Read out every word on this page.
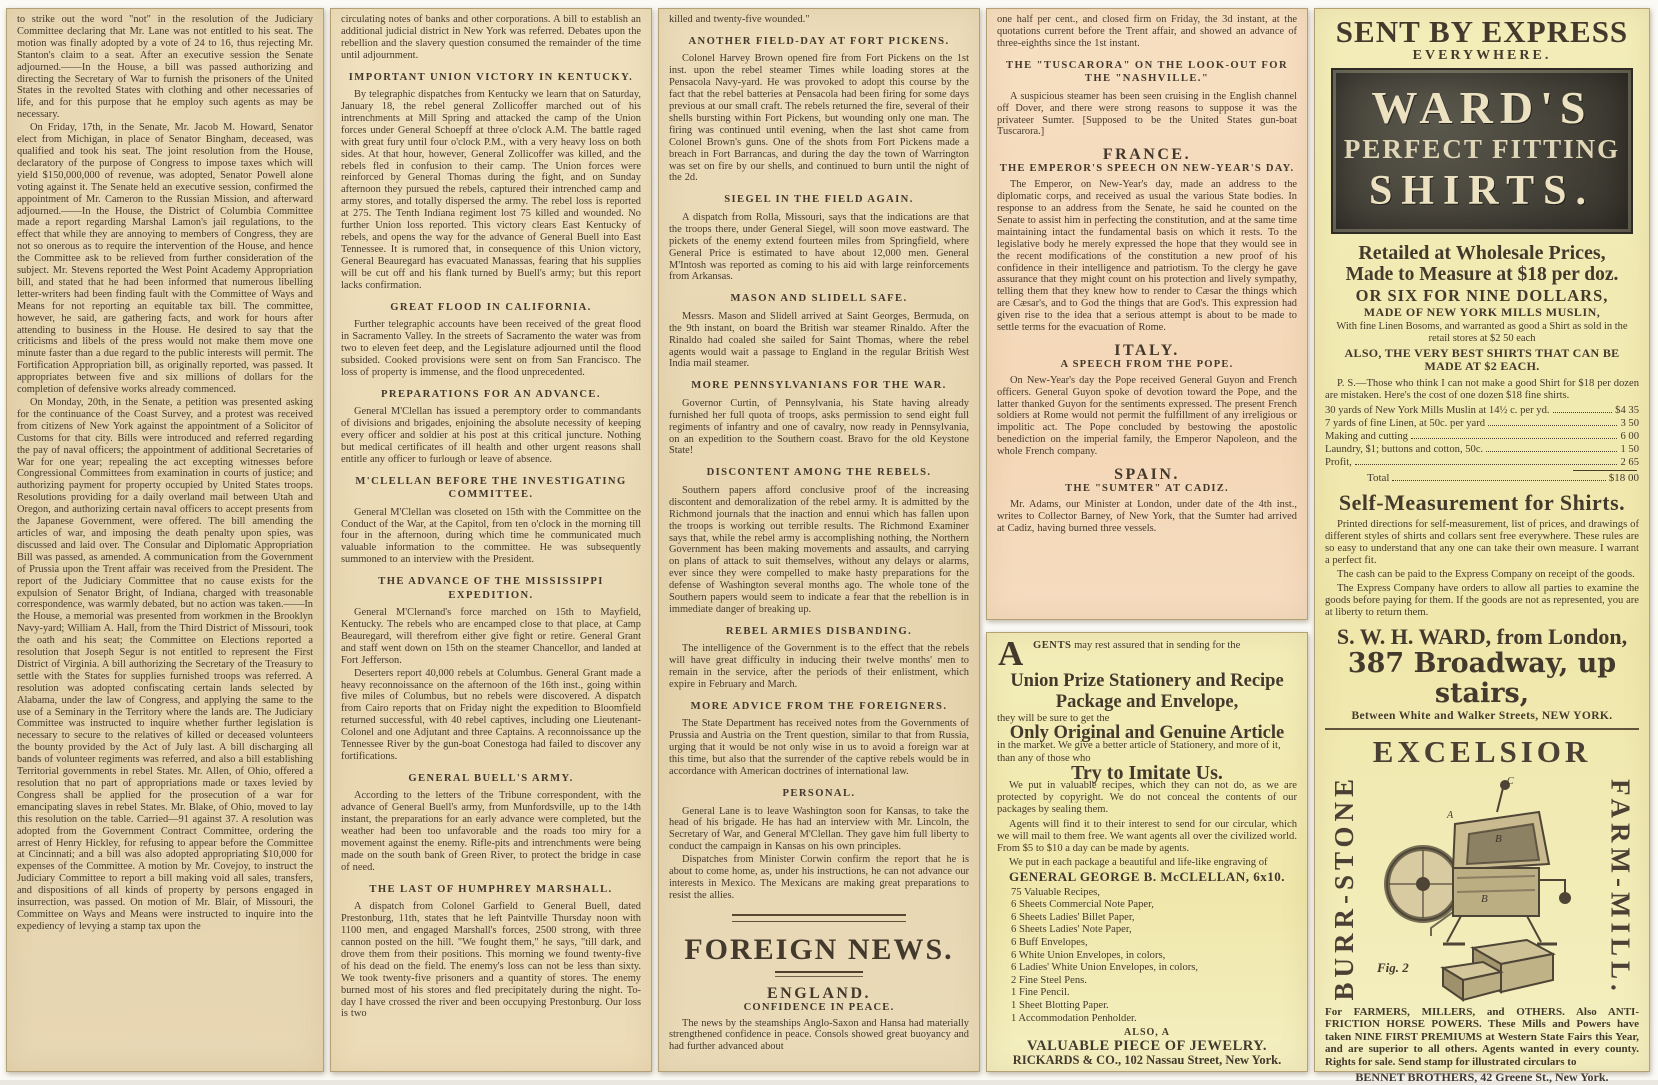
to strike out the word "not" in the resolution of the Judiciary Committee declaring that Mr. Lane was not entitled to his seat. The motion was finally adopted by a vote of 24 to 16, thus rejecting Mr. Stanton's claim to a seat. After an executive session the Senate adjourned.——In the House, a bill was passed authorizing and directing the Secretary of War to furnish the prisoners of the United States in the revolted States with clothing and other necessaries of life, and for this purpose that he employ such agents as may be necessary.

On Friday, 17th, in the Senate, Mr. Jacob M. Howard, Senator elect from Michigan, in place of Senator Bingham, deceased, was qualified and took his seat. The joint resolution from the House, declaratory of the purpose of Congress to impose taxes which will yield $150,000,000 of revenue, was adopted, Senator Powell alone voting against it. The Senate held an executive session, confirmed the appointment of Mr. Cameron to the Russian Mission, and afterward adjourned.——In the House, the District of Columbia Committee made a report regarding Marshal Lamon's jail regulations, to the effect that while they are annoying to members of Congress, they are not so onerous as to require the intervention of the House, and hence the Committee ask to be relieved from further consideration of the subject. Mr. Stevens reported the West Point Academy Appropriation bill, and stated that he had been informed that numerous libelling letter-writers had been finding fault with the Committee of Ways and Means for not reporting an equitable tax bill. The committee, however, he said, are gathering facts, and work for hours after attending to business in the House. He desired to say that the criticisms and libels of the press would not make them move one minute faster than a due regard to the public interests will permit. The Fortification Appropriation bill, as originally reported, was passed. It appropriates between five and six millions of dollars for the completion of defensive works already commenced.

On Monday, 20th, in the Senate, a petition was presented asking for the continuance of the Coast Survey, and a protest was received from citizens of New York against the appointment of a Solicitor of Customs for that city. Bills were introduced and referred regarding the pay of naval officers; the appointment of additional Secretaries of War for one year; repealing the act excepting witnesses before Congressional Committees from examination in courts of justice; and authorizing payment for property occupied by United States troops. Resolutions providing for a daily overland mail between Utah and Oregon, and authorizing certain naval officers to accept presents from the Japanese Government, were offered. The bill amending the articles of war, and imposing the death penalty upon spies, was discussed and laid over. The Consular and Diplomatic Appropriation Bill was passed, as amended. A communication from the Government of Prussia upon the Trent affair was received from the President. The report of the Judiciary Committee that no cause exists for the expulsion of Senator Bright, of Indiana, charged with treasonable correspondence, was warmly debated, but no action was taken.——In the House, a memorial was presented from workmen in the Brooklyn Navy-yard; William A. Hall, from the Third District of Missouri, took the oath and his seat; the Committee on Elections reported a resolution that Joseph Segur is not entitled to represent the First District of Virginia. A bill authorizing the Secretary of the Treasury to settle with the States for supplies furnished troops was referred. A resolution was adopted confiscating certain lands selected by Alabama, under the law of Congress, and applying the same to the use of a Seminary in the Territory where the lands are. The Judiciary Committee was instructed to inquire whether further legislation is necessary to secure to the relatives of killed or deceased volunteers the bounty provided by the Act of July last. A bill discharging all bands of volunteer regiments was referred, and also a bill establishing Territorial governments in rebel States. Mr. Allen, of Ohio, offered a resolution that no part of appropriations made or taxes levied by Congress shall be applied for the prosecution of a war for emancipating slaves in rebel States. Mr. Blake, of Ohio, moved to lay this resolution on the table. Carried—91 against 37. A resolution was adopted from the Government Contract Committee, ordering the arrest of Henry Hickley, for refusing to appear before the Committee at Cincinnati; and a bill was also adopted appropriating $10,000 for expenses of the Committee. A motion by Mr. Covejoy, to instruct the Judiciary Committee to report a bill making void all sales, transfers, and dispositions of all kinds of property by persons engaged in insurrection, was passed. On motion of Mr. Blair, of Missouri, the Committee on Ways and Means were instructed to inquire into the expediency of levying a stamp tax upon the

circulating notes of banks and other corporations. A bill to establish an additional judicial district in New York was referred. Debates upon the rebellion and the slavery question consumed the remainder of the time until adjournment.

IMPORTANT UNION VICTORY IN KENTUCKY.

By telegraphic dispatches from Kentucky we learn that on Saturday, January 18, the rebel general Zollicoffer marched out of his intrenchments at Mill Spring and attacked the camp of the Union forces under General Schoepff at three o'clock A.M. The battle raged with great fury until four o'clock P.M., with a very heavy loss on both sides. At that hour, however, General Zollicoffer was killed, and the rebels fled in confusion to their camp. The Union forces were reinforced by General Thomas during the fight, and on Sunday afternoon they pursued the rebels, captured their intrenched camp and army stores, and totally dispersed the army. The rebel loss is reported at 275. The Tenth Indiana regiment lost 75 killed and wounded. No further Union loss reported. This victory clears East Kentucky of rebels, and opens the way for the advance of General Buell into East Tennessee. It is rumored that, in consequence of this Union victory, General Beauregard has evacuated Manassas, fearing that his supplies will be cut off and his flank turned by Buell's army; but this report lacks confirmation.

GREAT FLOOD IN CALIFORNIA.

Further telegraphic accounts have been received of the great flood in Sacramento Valley. In the streets of Sacramento the water was from two to eleven feet deep, and the Legislature adjourned until the flood subsided. Cooked provisions were sent on from San Francisco. The loss of property is immense, and the flood unprecedented.

PREPARATIONS FOR AN ADVANCE.

General M'Clellan has issued a peremptory order to commandants of divisions and brigades, enjoining the absolute necessity of keeping every officer and soldier at his post at this critical juncture. Nothing but medical certificates of ill health and other urgent reasons shall entitle any officer to furlough or leave of absence.

M'CLELLAN BEFORE THE INVESTIGATING COMMITTEE.

General M'Clellan was closeted on 15th with the Committee on the Conduct of the War, at the Capitol, from ten o'clock in the morning till four in the afternoon, during which time he communicated much valuable information to the committee. He was subsequently summoned to an interview with the President.

THE ADVANCE OF THE MISSISSIPPI EXPEDITION.

General M'Clernand's force marched on 15th to Mayfield, Kentucky. The rebels who are encamped close to that place, at Camp Beauregard, will therefrom either give fight or retire. General Grant and staff went down on 15th on the steamer Chancellor, and landed at Fort Jefferson.

Deserters report 40,000 rebels at Columbus. General Grant made a heavy reconnoissance on the afternoon of the 16th inst., going within five miles of Columbus, but no rebels were discovered. A dispatch from Cairo reports that on Friday night the expedition to Bloomfield returned successful, with 40 rebel captives, including one Lieutenant-Colonel and one Adjutant and three Captains. A reconnoissance up the Tennessee River by the gun-boat Conestoga had failed to discover any fortifications.

GENERAL BUELL'S ARMY.

According to the letters of the Tribune correspondent, with the advance of General Buell's army, from Munfordsville, up to the 14th instant, the preparations for an early advance were completed, but the weather had been too unfavorable and the roads too miry for a movement against the enemy. Rifle-pits and intrenchments were being made on the south bank of Green River, to protect the bridge in case of need.

THE LAST OF HUMPHREY MARSHALL.

A dispatch from Colonel Garfield to General Buell, dated Prestonburg, 11th, states that he left Paintville Thursday noon with 1100 men, and engaged Marshall's forces, 2500 strong, with three cannon posted on the hill. "We fought them," he says, "till dark, and drove them from their positions. This morning we found twenty-five of his dead on the field. The enemy's loss can not be less than sixty. We took twenty-five prisoners and a quantity of stores. The enemy burned most of his stores and fled precipitately during the night. To-day I have crossed the river and been occupying Prestonburg. Our loss is two

killed and twenty-five wounded."

ANOTHER FIELD-DAY AT FORT PICKENS.

Colonel Harvey Brown opened fire from Fort Pickens on the 1st inst. upon the rebel steamer Times while loading stores at the Pensacola Navy-yard. He was provoked to adopt this course by the fact that the rebel batteries at Pensacola had been firing for some days previous at our small craft. The rebels returned the fire, several of their shells bursting within Fort Pickens, but wounding only one man. The firing was continued until evening, when the last shot came from Colonel Brown's guns. One of the shots from Fort Pickens made a breach in Fort Barrancas, and during the day the town of Warrington was set on fire by our shells, and continued to burn until the night of the 2d.

SIEGEL IN THE FIELD AGAIN.

A dispatch from Rolla, Missouri, says that the indications are that the troops there, under General Siegel, will soon move eastward. The pickets of the enemy extend fourteen miles from Springfield, where General Price is estimated to have about 12,000 men. General M'Intosh was reported as coming to his aid with large reinforcements from Arkansas.

MASON AND SLIDELL SAFE.

Messrs. Mason and Slidell arrived at Saint Georges, Bermuda, on the 9th instant, on board the British war steamer Rinaldo. After the Rinaldo had coaled she sailed for Saint Thomas, where the rebel agents would wait a passage to England in the regular British West India mail steamer.

MORE PENNSYLVANIANS FOR THE WAR.

Governor Curtin, of Pennsylvania, his State having already furnished her full quota of troops, asks permission to send eight full regiments of infantry and one of cavalry, now ready in Pennsylvania, on an expedition to the Southern coast. Bravo for the old Keystone State!

DISCONTENT AMONG THE REBELS.

Southern papers afford conclusive proof of the increasing discontent and demoralization of the rebel army. It is admitted by the Richmond journals that the inaction and ennui which has fallen upon the troops is working out terrible results. The Richmond Examiner says that, while the rebel army is accomplishing nothing, the Northern Government has been making movements and assaults, and carrying on plans of attack to suit themselves, without any delays or alarms, ever since they were compelled to make hasty preparations for the defense of Washington several months ago. The whole tone of the Southern papers would seem to indicate a fear that the rebellion is in immediate danger of breaking up.

REBEL ARMIES DISBANDING.

The intelligence of the Government is to the effect that the rebels will have great difficulty in inducing their twelve months' men to remain in the service, after the periods of their enlistment, which expire in February and March.

MORE ADVICE FROM THE FOREIGNERS.

The State Department has received notes from the Governments of Prussia and Austria on the Trent question, similar to that from Russia, urging that it would be not only wise in us to avoid a foreign war at this time, but also that the surrender of the captive rebels would be in accordance with American doctrines of international law.

PERSONAL.

General Lane is to leave Washington soon for Kansas, to take the head of his brigade. He has had an interview with Mr. Lincoln, the Secretary of War, and General M'Clellan. They gave him full liberty to conduct the campaign in Kansas on his own principles.

Dispatches from Minister Corwin confirm the report that he is about to come home, as, under his instructions, he can not advance our interests in Mexico. The Mexicans are making great preparations to resist the allies.

FOREIGN NEWS.
ENGLAND.
CONFIDENCE IN PEACE.

The news by the steamships Anglo-Saxon and Hansa had materially strengthened confidence in peace. Consols showed great buoyancy and had further advanced about

one half per cent., and closed firm on Friday, the 3d instant, at the quotations current before the Trent affair, and showed an advance of three-eighths since the 1st instant.

THE "TUSCARORA" ON THE LOOK-OUT FOR THE "NASHVILLE."

A suspicious steamer has been seen cruising in the English channel off Dover, and there were strong reasons to suppose it was the privateer Sumter. [Supposed to be the United States gun-boat Tuscarora.]

FRANCE.
THE EMPEROR'S SPEECH ON NEW-YEAR'S DAY.

The Emperor, on New-Year's day, made an address to the diplomatic corps, and received as usual the various State bodies. In response to an address from the Senate, he said he counted on the Senate to assist him in perfecting the constitution, and at the same time maintaining intact the fundamental basis on which it rests. To the legislative body he merely expressed the hope that they would see in the recent modifications of the constitution a new proof of his confidence in their intelligence and patriotism. To the clergy he gave assurance that they might count on his protection and lively sympathy, telling them that they knew how to render to Cæsar the things which are Cæsar's, and to God the things that are God's. This expression had given rise to the idea that a serious attempt is about to be made to settle terms for the evacuation of Rome.

ITALY.
A SPEECH FROM THE POPE.

On New-Year's day the Pope received General Guyon and French officers. General Guyon spoke of devotion toward the Pope, and the latter thanked Guyon for the sentiments expressed. The present French soldiers at Rome would not permit the fulfillment of any irreligious or impolitic act. The Pope concluded by bestowing the apostolic benediction on the imperial family, the Emperor Napoleon, and the whole French company.

SPAIN.
THE "SUMTER" AT CADIZ.

Mr. Adams, our Minister at London, under date of the 4th inst., writes to Collector Barney, of New York, that the Sumter had arrived at Cadiz, having burned three vessels.

A GENTS may rest assured that in sending for the

Union Prize Stationery and Recipe

Package and Envelope,

they will be sure to get the

Only Original and Genuine Article

in the market. We give a better article of Stationery, and more of it, than any of those who

Try to Imitate Us.

We put in valuable recipes, which they can not do, as we are protected by copyright. We do not conceal the contents of our packages by sealing them.

Agents will find it to their interest to send for our circular, which we will mail to them free. We want agents all over the civilized world. From $5 to $10 a day can be made by agents.

We put in each package a beautiful and life-like engraving of

GENERAL GEORGE B. McCLELLAN, 6x10.

75 Valuable Recipes,
6 Sheets Commercial Note Paper,
6 Sheets Ladies' Billet Paper,
6 Sheets Ladies' Note Paper,
6 Buff Envelopes,
6 White Union Envelopes, in colors,
6 Ladies' White Union Envelopes, in colors,
2 Fine Steel Pens.
1 Fine Pencil.
1 Sheet Blotting Paper.
1 Accommodation Penholder.

ALSO, A

VALUABLE PIECE OF JEWELRY.

RICKARDS & CO., 102 Nassau Street, New York.

SENT BY EXPRESS

EVERYWHERE.

WARD'S
PERFECT FITTING
SHIRTS.

Retailed at Wholesale Prices,

Made to Measure at $18 per doz.

OR SIX FOR NINE DOLLARS,

MADE OF NEW YORK MILLS MUSLIN,

With fine Linen Bosoms, and warranted as good a Shirt as sold in the retail stores at $2 50 each

ALSO, THE VERY BEST SHIRTS THAT CAN BE MADE AT $2 EACH.

P. S.—Those who think I can not make a good Shirt for $18 per dozen are mistaken. Here's the cost of one dozen $18 fine shirts.

30 yards of New York Mills Muslin at 14½ c. per yd.	$4 35
7 yards of fine Linen, at 50c. per yard	3 50
Making and cutting	6 00
Laundry, $1; buttons and cotton, 50c.	1 50
Profit,	2 65
Total	$18 00

Self-Measurement for Shirts.

Printed directions for self-measurement, list of prices, and drawings of different styles of shirts and collars sent free everywhere. These rules are so easy to understand that any one can take their own measure. I warrant a perfect fit.

The cash can be paid to the Express Company on receipt of the goods.

The Express Company have orders to allow all parties to examine the goods before paying for them. If the goods are not as represented, you are at liberty to return them.

S. W. H. WARD, from London,

387 Broadway, up stairs,

Between White and Walker Streets, NEW YORK.

EXCELSIOR

BURR-STONE	B
B
C
A
Fig. 2	FARM-MILL.

For FARMERS, MILLERS, and OTHERS. Also ANTI-FRICTION HORSE POWERS. These Mills and Powers have taken NINE FIRST PREMIUMS at Western State Fairs this Year, and are superior to all others. Agents wanted in every county. Rights for sale. Send stamp for illustrated circulars to

BENNET BROTHERS, 42 Greene St., New York.
